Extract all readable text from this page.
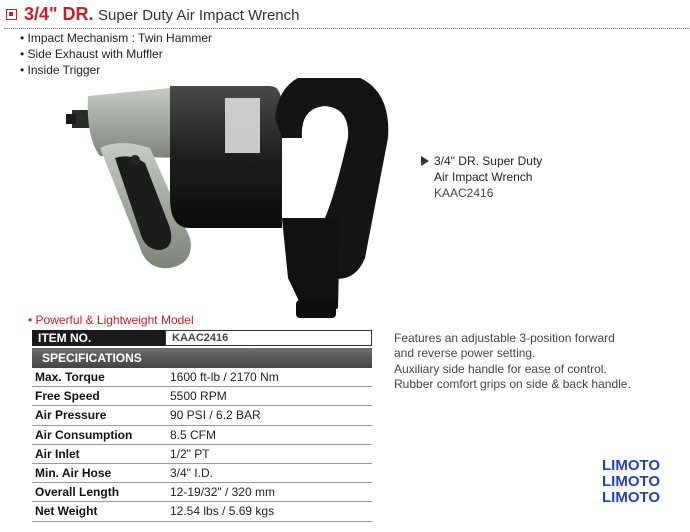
3/4" DR. Super Duty Air Impact Wrench
• Impact Mechanism : Twin Hammer
• Side Exhaust with Muffler
• Inside Trigger
3/4" DR. Super Duty
Air Impact Wrench
KAAC2416
• Powerful & Lightweight Model
ITEM NO.	KAAC2416
SPECIFICATIONS
Max. Torque	1600 ft-lb / 2170 Nm
Free Speed	5500 RPM
Air Pressure	90 PSI / 6.2 BAR
Air Consumption	8.5 CFM
Air Inlet	1/2" PT
Min. Air Hose	3/4" I.D.
Overall Length	12-19/32" / 320 mm
Net Weight	12.54 lbs / 5.69 kgs
Features an adjustable 3-position forward
and reverse power setting.
Auxiliary side handle for ease of control.
Rubber comfort grips on side & back handle.
LIMOTO
LIMOTO
LIMOTO
